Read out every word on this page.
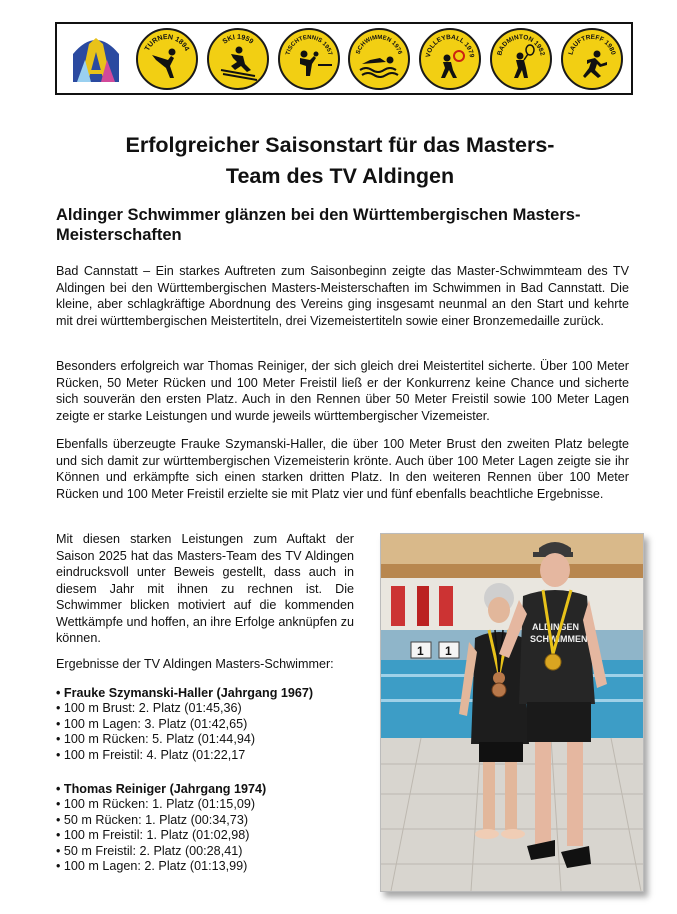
TURNEN 1894
SKI 1959
TISCHTENNIS 1957	SCHWIMMEN 1976	VOLLEYBALL 1979	BADMINTON 1982	LAUFTREFF 1980
Erfolgreicher Saisonstart für das Masters-
Team des TV Aldingen
Aldinger Schwimmer glänzen bei den Württembergischen Masters-Meisterschaften

Bad Cannstatt – Ein starkes Auftreten zum Saisonbeginn zeigte das Master-Schwimmteam des TV Aldingen bei den Württembergischen Masters-Meisterschaften im Schwimmen in Bad Cannstatt. Die kleine, aber schlagkräftige Abordnung des Vereins ging insgesamt neunmal an den Start und kehrte mit drei württembergischen Meistertiteln, drei Vizemeistertiteln sowie einer Bronzemedaille zurück.

Besonders erfolgreich war Thomas Reiniger, der sich gleich drei Meistertitel sicherte. Über 100 Meter Rücken, 50 Meter Rücken und 100 Meter Freistil ließ er der Konkurrenz keine Chance und sicherte sich souverän den ersten Platz. Auch in den Rennen über 50 Meter Freistil sowie 100 Meter Lagen zeigte er starke Leistungen und wurde jeweils württembergischer Vizemeister.

Ebenfalls überzeugte Frauke Szymanski-Haller, die über 100 Meter Brust den zweiten Platz belegte und sich damit zur württembergischen Vizemeisterin krönte. Auch über 100 Meter Lagen zeigte sie ihr Können und erkämpfte sich einen starken dritten Platz. In den weiteren Rennen über 100 Meter Rücken und 100 Meter Freistil erzielte sie mit Platz vier und fünf ebenfalls beachtliche Ergebnisse.

Mit diesen starken Leistungen zum Auftakt der Saison 2025 hat das Masters-Team des TV Aldingen eindrucksvoll unter Beweis gestellt, dass auch in diesem Jahr mit ihnen zu rechnen ist. Die Schwimmer blicken motiviert auf die kommenden Wettkämpfe und hoffen, an ihre Erfolge anknüpfen zu können.

Ergebnisse der TV Aldingen Masters-Schwimmer:

• Frauke Szymanski-Haller (Jahrgang 1967)
• 100 m Brust: 2. Platz (01:45,36)
• 100 m Lagen: 3. Platz (01:42,65)
• 100 m Rücken: 5. Platz (01:44,94)
• 100 m Freistil: 4. Platz (01:22,17
• Thomas Reiniger (Jahrgang 1974)
• 100 m Rücken: 1. Platz (01:15,09)
• 50 m Rücken: 1. Platz (00:34,73)
• 100 m Freistil: 1. Platz (01:02,98)
• 50 m Freistil: 2. Platz (00:28,41)
• 100 m Lagen: 2. Platz (01:13,99)
1 1
ALDINGEN
SCHWIMMEN
